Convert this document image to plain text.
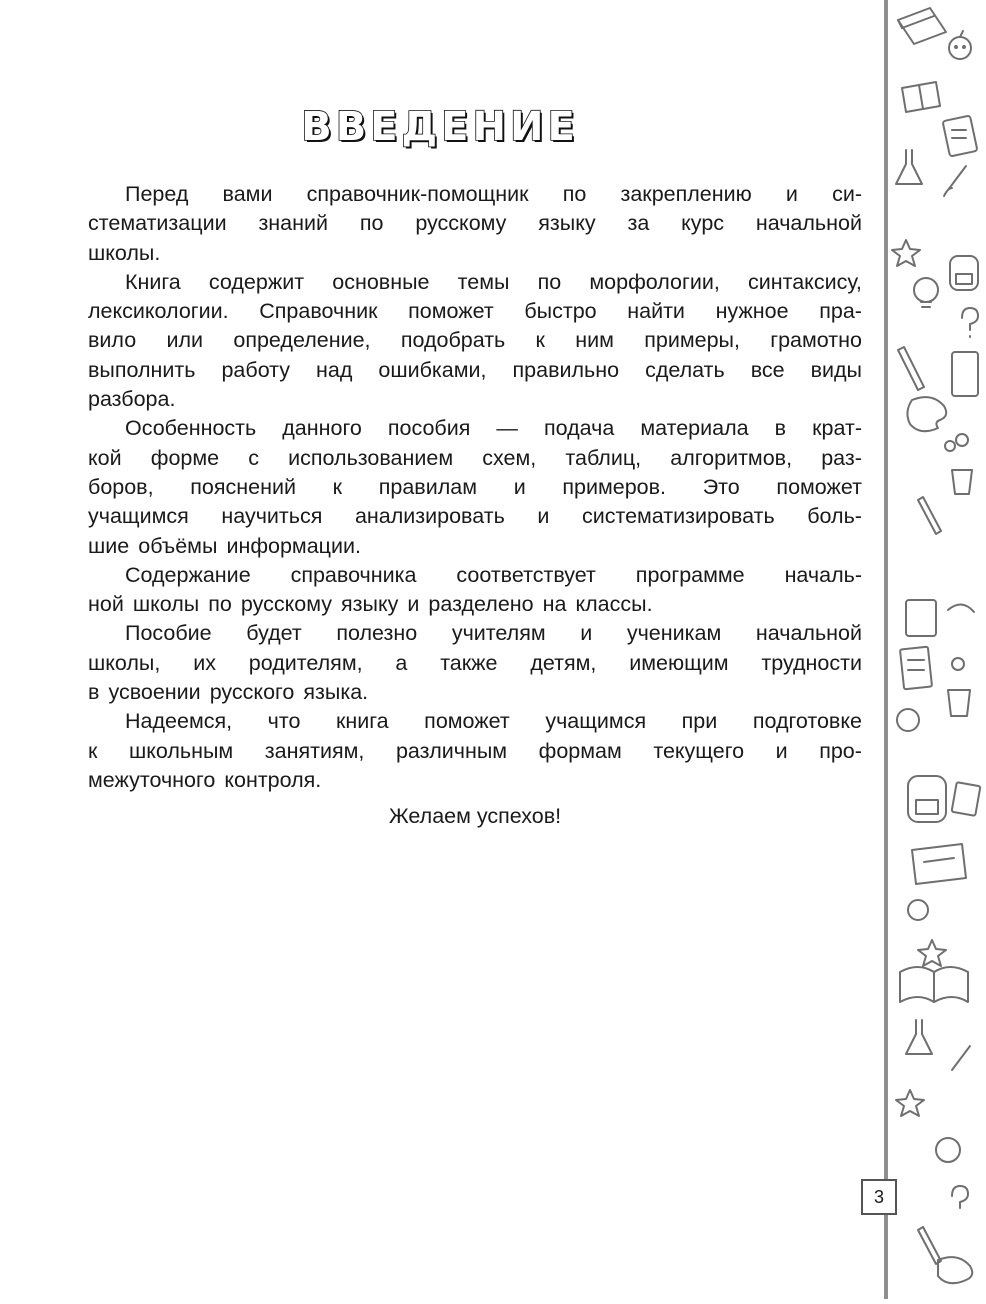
ВВЕДЕНИЕ
Перед вами справочник-помощник по закреплению и си-
стематизации знаний по русскому языку за курс начальной
школы.
Книга содержит основные темы по морфологии, синтаксису,
лексикологии. Справочник поможет быстро найти нужное пра-
вило или определение, подобрать к ним примеры, грамотно
выполнить работу над ошибками, правильно сделать все виды
разбора.
Особенность данного пособия — подача материала в крат-
кой форме с использованием схем, таблиц, алгоритмов, раз-
боров, пояснений к правилам и примеров. Это поможет
учащимся научиться анализировать и систематизировать боль-
шие объёмы информации.
Содержание справочника соответствует программе началь-
ной школы по русскому языку и разделено на классы.
Пособие будет полезно учителям и ученикам начальной
школы, их родителям, а также детям, имеющим трудности
в усвоении русского языка.
Надеемся, что книга поможет учащимся при подготовке
к школьным занятиям, различным формам текущего и про-
межуточного контроля.
Желаем успехов!
3
